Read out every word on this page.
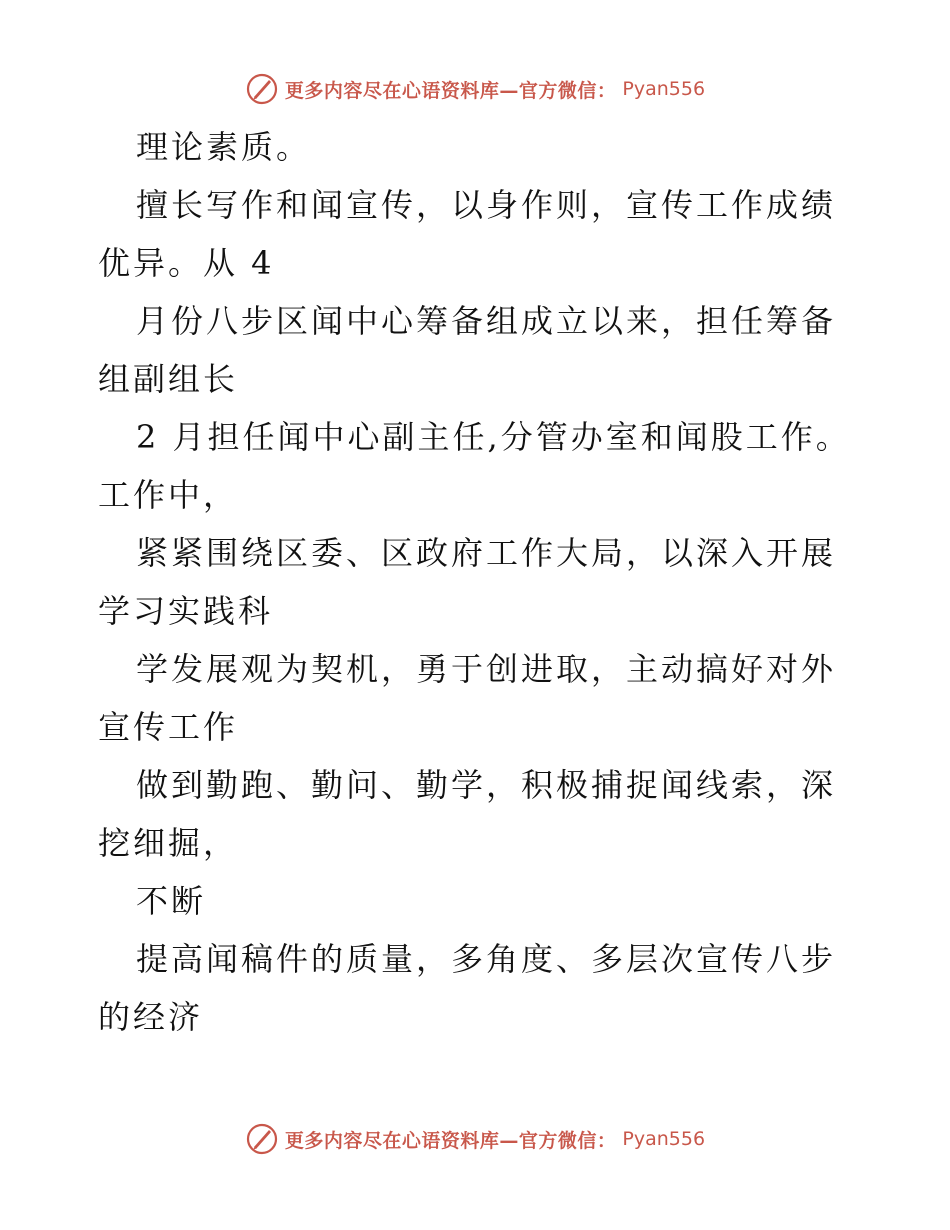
更多内容尽在心语资料库—官方微信： Pyan556

理论素质。

擅长写作和闻宣传，以身作则，宣传工作成绩优异。从 4

月份八步区闻中心筹备组成立以来，担任筹备组副组长

2 月担任闻中心副主任,分管办室和闻股工作。工作中，

紧紧围绕区委、区政府工作大局，以深入开展学习实践科

学发展观为契机，勇于创进取，主动搞好对外宣传工作

做到勤跑、勤问、勤学，积极捕捉闻线索，深挖细掘，

不断

提高闻稿件的质量，多角度、多层次宣传八步的经济

更多内容尽在心语资料库—官方微信： Pyan556
